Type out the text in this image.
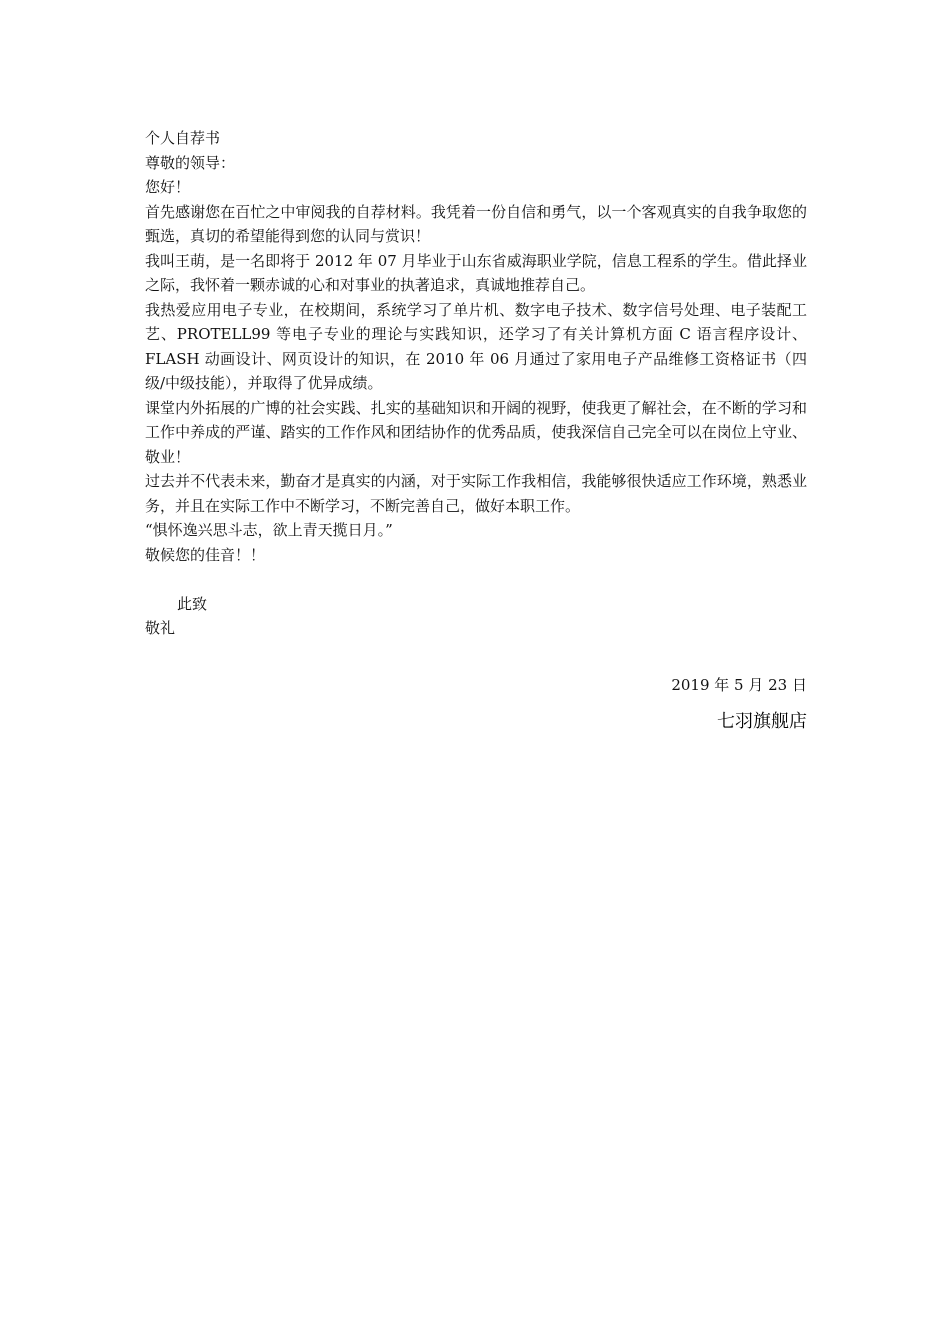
个人自荐书

尊敬的领导：

您好！

首先感谢您在百忙之中审阅我的自荐材料。我凭着一份自信和勇气，以一个客观真实的自我争取您的甄选，真切的希望能得到您的认同与赏识！

我叫王萌，是一名即将于 2012 年 07 月毕业于山东省威海职业学院，信息工程系的学生。借此择业之际，我怀着一颗赤诚的心和对事业的执著追求，真诚地推荐自己。

我热爱应用电子专业，在校期间，系统学习了单片机、数字电子技术、数字信号处理、电子装配工艺、PROTELL99 等电子专业的理论与实践知识，还学习了有关计算机方面 C 语言程序设计、FLASH 动画设计、网页设计的知识，在 2010 年 06 月通过了家用电子产品维修工资格证书（四级/中级技能），并取得了优异成绩。

课堂内外拓展的广博的社会实践、扎实的基础知识和开阔的视野，使我更了解社会，在不断的学习和工作中养成的严谨、踏实的工作作风和团结协作的优秀品质，使我深信自己完全可以在岗位上守业、敬业！

过去并不代表未来，勤奋才是真实的内涵，对于实际工作我相信，我能够很快适应工作环境，熟悉业务，并且在实际工作中不断学习，不断完善自己，做好本职工作。

“惧怀逸兴思斗志，欲上青天揽日月。”

敬候您的佳音！！

此致

敬礼

2019 年 5 月 23 日
七羽旗舰店
